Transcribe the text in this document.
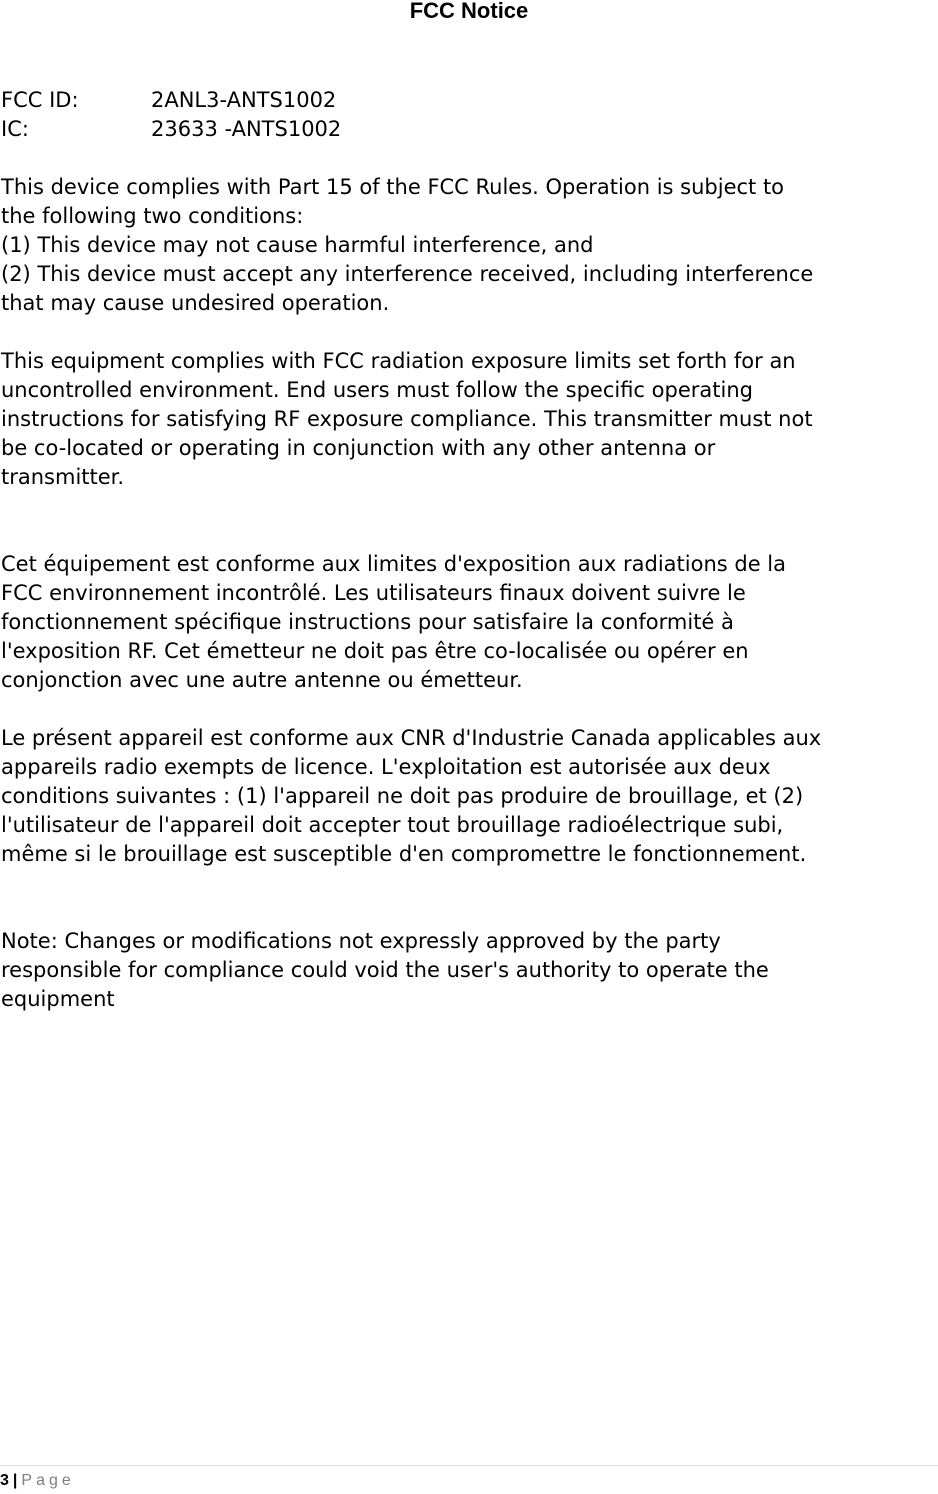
FCC Notice
FCC ID:	2ANL3-ANTS1002
IC:	23633 -ANTS1002
This device complies with Part 15 of the FCC Rules. Operation is subject to
the following two conditions:
(1) This device may not cause harmful interference, and
(2) This device must accept any interference received, including interference
that may cause undesired operation.
This equipment complies with FCC radiation exposure limits set forth for an
uncontrolled environment. End users must follow the specific operating
instructions for satisfying RF exposure compliance. This transmitter must not
be co-located or operating in conjunction with any other antenna or
transmitter.
Cet équipement est conforme aux limites d'exposition aux radiations de la
FCC environnement incontrôlé. Les utilisateurs finaux doivent suivre le
fonctionnement spécifique instructions pour satisfaire la conformité à
l'exposition RF. Cet émetteur ne doit pas être co-localisée ou opérer en
conjonction avec une autre antenne ou émetteur.
Le présent appareil est conforme aux CNR d'Industrie Canada applicables aux
appareils radio exempts de licence. L'exploitation est autorisée aux deux
conditions suivantes : (1) l'appareil ne doit pas produire de brouillage, et (2)
l'utilisateur de l'appareil doit accepter tout brouillage radioélectrique subi,
même si le brouillage est susceptible d'en compromettre le fonctionnement.
Note: Changes or modifications not expressly approved by the party
responsible for compliance could void the user's authority to operate the
equipment
3 | Page
